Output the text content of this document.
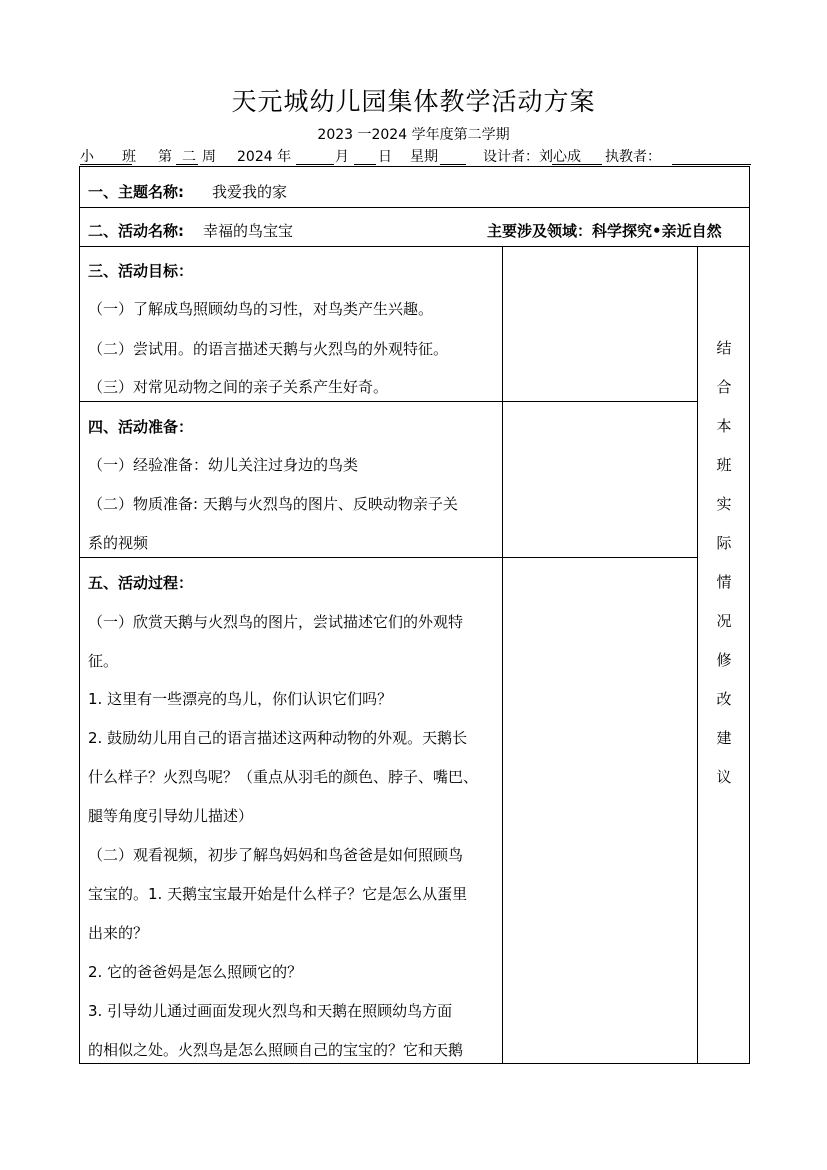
天元城幼儿园集体教学活动方案
2023 一2024 学年度第二学期
小 班 第 二 周 2024 年	月 日 星期	设计者：刘心成 执教者：
一、主题名称: 我爱我的家
二、活动名称: 幸福的鸟宝宝	主要涉及领域：科学探究•亲近自然
三、活动目标：
（一）了解成鸟照顾幼鸟的习性，对鸟类产生兴趣。
（二）尝试用。的语言描述天鹅与火烈鸟的外观特征。
（三）对常见动物之间的亲子关系产生好奇。
四、活动准备：
（一）经验准备：幼儿关注过身边的鸟类
（二）物质准备: 天鹅与火烈鸟的图片、反映动物亲子关
系的视频
五、活动过程：
（一）欣赏天鹅与火烈鸟的图片，尝试描述它们的外观特
征。
1. 这里有一些漂亮的鸟儿，你们认识它们吗？
2. 鼓励幼儿用自己的语言描述这两种动物的外观。天鹅长
什么样子？火烈鸟呢？（重点从羽毛的颜色、脖子、嘴巴、
腿等角度引导幼儿描述）
（二）观看视频，初步了解鸟妈妈和鸟爸爸是如何照顾鸟
宝宝的。1. 天鹅宝宝最开始是什么样子？它是怎么从蛋里
出来的？
2. 它的爸爸妈是怎么照顾它的？
3. 引导幼儿通过画面发现火烈鸟和天鹅在照顾幼鸟方面
的相似之处。火烈鸟是怎么照顾自己的宝宝的？它和天鹅
结
合
本
班
实
际
情
况
修
改
建
议
